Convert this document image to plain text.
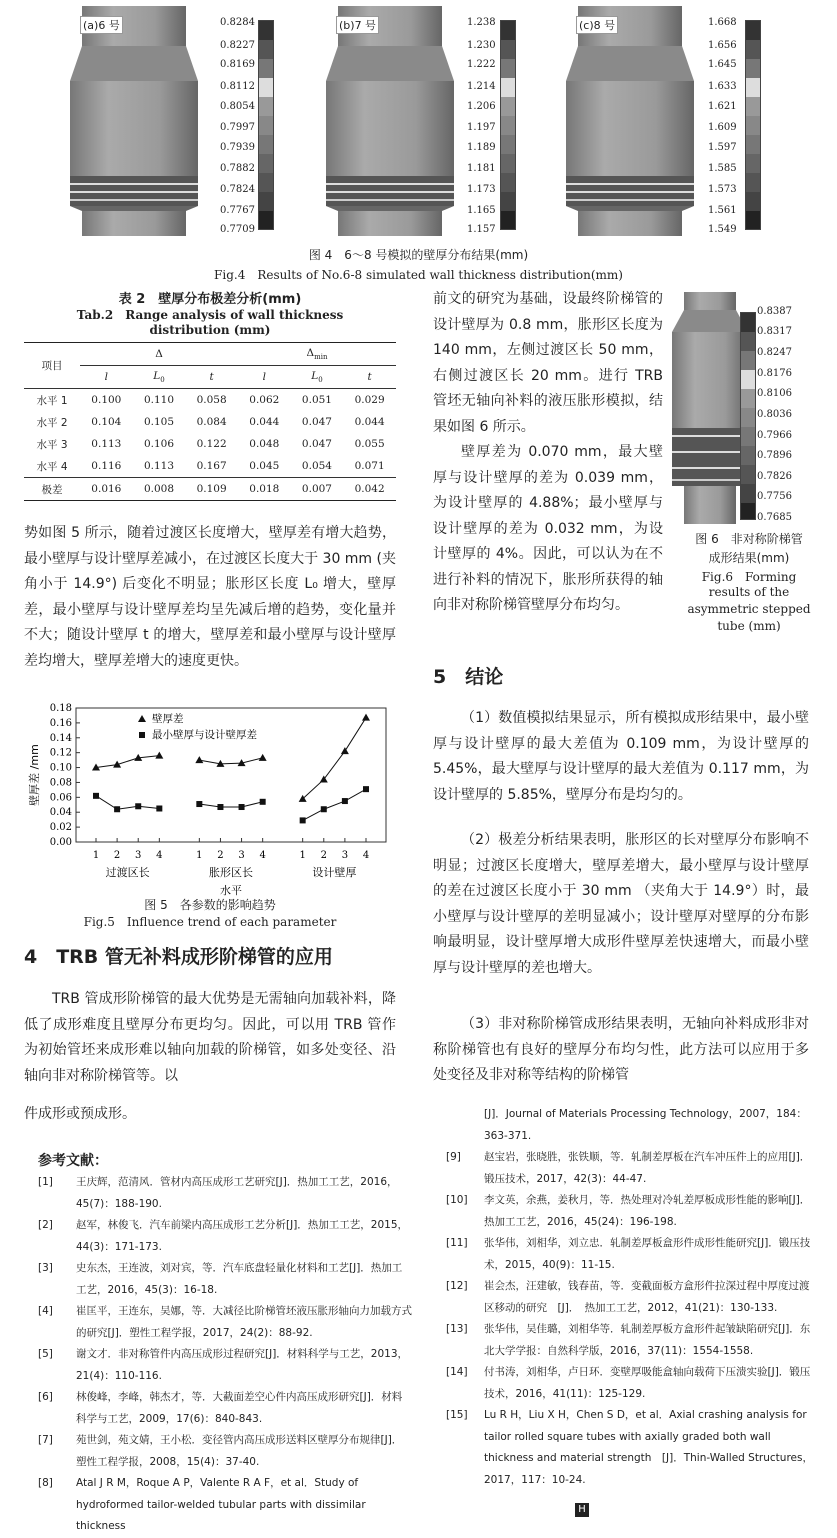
(a)6 号	0.8284
0.8227
0.8169
0.8112
0.8054
0.7997
0.7939
0.7882
0.7824
0.7767
0.7709
(b)7 号	1.238
1.230
1.222
1.214
1.206
1.197
1.189
1.181
1.173
1.165
1.157
(c)8 号	1.668
1.656
1.645
1.633
1.621
1.609
1.597
1.585
1.573
1.561
1.549
图 4　6～8 号模拟的壁厚分布结果(mm)
Fig.4　Results of No.6-8 simulated wall thickness distribution(mm)
表 2　壁厚分布极差分析(mm)
Tab.2　Range analysis of wall thickness
distribution (mm)
项目	Δ			$\Delta_{min}$
	l	$L_0$	t	l	$L_0$	t
水平 1	0.100	0.110	0.058	0.062	0.051	0.029
水平 2	0.104	0.105	0.084	0.044	0.047	0.044
水平 3	0.113	0.106	0.122	0.048	0.047	0.055
水平 4	0.116	0.113	0.167	0.045	0.054	0.071
极差	0.016	0.008	0.109	0.018	0.007	0.042
势如图 5 所示，随着过渡区长度增大，壁厚差有增大趋势，最小壁厚与设计壁厚差减小，在过渡区长度大于 30 mm (夹角小于 14.9°) 后变化不明显；胀形区长度 L₀ 增大，壁厚差，最小壁厚与设计壁厚差均呈先减后增的趋势，变化量并不大；随设计壁厚 t 的增大，壁厚差和最小壁厚与设计壁厚差均增大，壁厚差增大的速度更快。
0.18
0.16
0.14
0.12
0.10
0.08
0.06
0.04
0.02
0.00
壁厚差 /mm
1 2 3 4
过渡区长
1 2 3 4
胀形区长
1 2 3 4
设计壁厚
水平
壁厚差
最小壁厚与设计壁厚差
图 5　各参数的影响趋势
Fig.5　Influence trend of each parameter
4　TRB 管无补料成形阶梯管的应用
TRB 管成形阶梯管的最大优势是无需轴向加载补料，降低了成形难度且壁厚分布更均匀。因此，可以用 TRB 管作为初始管坯来成形难以轴向加载的阶梯管，如多处变径、沿轴向非对称阶梯管等。以
件成形或预成形。
前文的研究为基础，设最终阶梯管的设计壁厚为 0.8 mm，胀形区长度为 140 mm，左侧过渡区长 50 mm，右侧过渡区长 20 mm。进行 TRB 管坯无轴向补料的液压胀形模拟，结果如图 6 所示。
壁厚差为 0.070 mm，最大壁厚与设计壁厚的差为 0.039 mm，为设计壁厚的 4.88%；最小壁厚与设计壁厚的差为 0.032 mm，为设计壁厚的 4%。因此，可以认为在不进行补料的情况下，胀形所获得的轴向非对称阶梯管壁厚分布均匀。
0.8387
0.8317
0.8247
0.8176
0.8106
0.8036
0.7966
0.7896
0.7826
0.7756
0.7685
图 6　非对称阶梯管
成形结果(mm)
Fig.6　Forming
results of the
asymmetric stepped
tube (mm)
5　结论
（1）数值模拟结果显示，所有模拟成形结果中，最小壁厚与设计壁厚的最大差值为 0.109 mm，为设计壁厚的 5.45%，最大壁厚与设计壁厚的最大差值为 0.117 mm，为设计壁厚的 5.85%，壁厚分布是均匀的。
（2）极差分析结果表明，胀形区的长对壁厚分布影响不明显；过渡区长度增大，壁厚差增大，最小壁厚与设计壁厚的差在过渡区长度小于 30 mm （夹角大于 14.9°）时，最小壁厚与设计壁厚的差明显减小；设计壁厚对壁厚的分布影响最明显，设计壁厚增大成形件壁厚差快速增大，而最小壁厚与设计壁厚的差也增大。
（3）非对称阶梯管成形结果表明，无轴向补料成形非对称阶梯管也有良好的壁厚分布均匀性，此方法可以应用于多处变径及非对称等结构的阶梯管
参考文献：
[1] 王庆辉，范清风．管材内高压成形工艺研究[J]．热加工工艺，2016，45(7)：188-190.
[2] 赵军，林俊飞．汽车前梁内高压成形工艺分析[J]．热加工工艺，2015，44(3)：171-173.
[3] 史东杰，王连波，刘对宾，等．汽车底盘轻量化材料和工艺[J]．热加工工艺，2016，45(3)：16-18.
[4] 崔匡平，王连东，吴娜，等．大减径比阶梯管坯液压胀形轴向力加载方式的研究[J]．塑性工程学报，2017，24(2)：88-92.
[5] 谢文才．非对称管件内高压成形过程研究[J]．材料科学与工艺，2013，21(4)：110-116.
[6] 林俊峰，李峰，韩杰才，等．大截面差空心件内高压成形研究[J]．材料科学与工艺，2009，17(6)：840-843.
[7] 苑世剑，苑文婧，王小松．变径管内高压成形送料区壁厚分布规律[J]．塑性工程学报，2008，15(4)：37-40.
[8] Atal J R M，Roque A P，Valente R A F，et al．Study of hydroformed tailor-welded tubular parts with dissimilar thickness
[J]．Journal of Materials Processing Technology，2007，184：363-371.
[9] 赵宝岩，张晓胜，张铁顺，等．轧制差厚板在汽车冲压件上的应用[J]．锻压技术，2017，42(3)：44-47.
[10] 李文英，余燕，姜秋月，等．热处理对冷轧差厚板成形性能的影响[J]．热加工工艺，2016，45(24)：196-198.
[11] 张华伟，刘相华，刘立忠．轧制差厚板盒形件成形性能研究[J]．锻压技术，2015，40(9)：11-15.
[12] 崔会杰，汪建敏，钱春苗，等．变截面板方盒形件拉深过程中厚度过渡区移动的研究　[J]．　热加工工艺，2012，41(21)：130-133.
[13] 张华伟，吴佳璐，刘相华等．轧制差厚板方盒形件起皱缺陷研究[J]．东北大学学报：自然科学版，2016，37(11)：1554-1558.
[14] 付书涛，刘相华，卢日环．变壁厚吸能盒轴向载荷下压溃实验[J]．锻压技术，2016，41(11)：125-129.
[15] Lu R H，Liu X H，Chen S D，et al．Axial crashing analysis for tailor rolled square tubes with axially graded both wall thickness and material strength　[J]．Thin-Walled Structures，2017，117：10-24.
H
